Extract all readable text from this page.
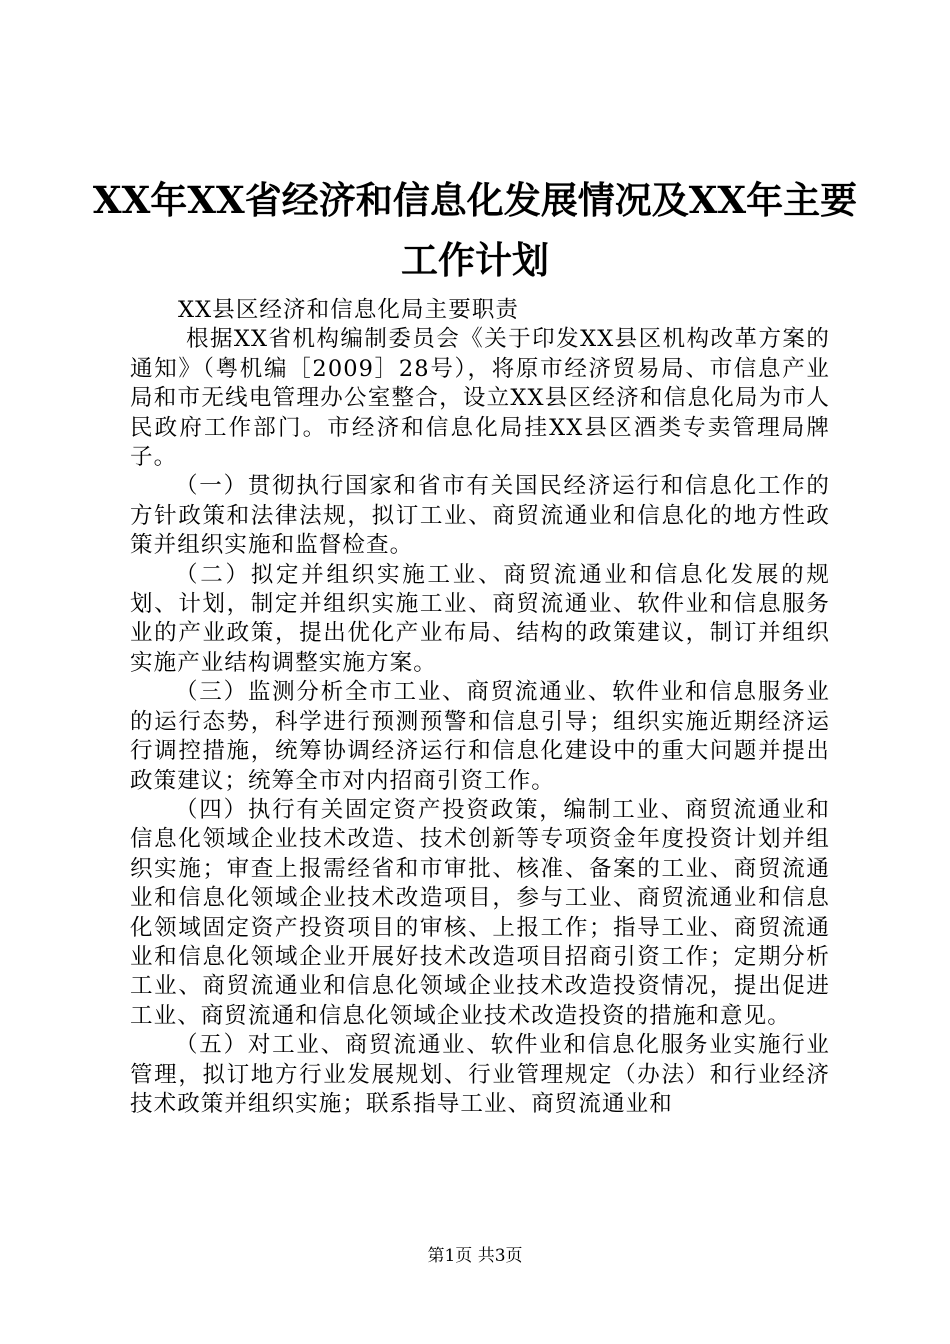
XX年XX省经济和信息化发展情况及XX年主要工作计划

XX县区经济和信息化局主要职责

根据XX省机构编制委员会《关于印发XX县区机构改革方案的通知》（粤机编［2009］28号），将原市经济贸易局、市信息产业局和市无线电管理办公室整合，设立XX县区经济和信息化局为市人民政府工作部门。市经济和信息化局挂XX县区酒类专卖管理局牌子。

（一）贯彻执行国家和省市有关国民经济运行和信息化工作的方针政策和法律法规，拟订工业、商贸流通业和信息化的地方性政策并组织实施和监督检查。

（二）拟定并组织实施工业、商贸流通业和信息化发展的规划、计划，制定并组织实施工业、商贸流通业、软件业和信息服务业的产业政策，提出优化产业布局、结构的政策建议，制订并组织实施产业结构调整实施方案。

（三）监测分析全市工业、商贸流通业、软件业和信息服务业的运行态势，科学进行预测预警和信息引导；组织实施近期经济运行调控措施，统筹协调经济运行和信息化建设中的重大问题并提出政策建议；统筹全市对内招商引资工作。

（四）执行有关固定资产投资政策，编制工业、商贸流通业和信息化领域企业技术改造、技术创新等专项资金年度投资计划并组织实施；审查上报需经省和市审批、核准、备案的工业、商贸流通业和信息化领域企业技术改造项目，参与工业、商贸流通业和信息化领域固定资产投资项目的审核、上报工作；指导工业、商贸流通业和信息化领域企业开展好技术改造项目招商引资工作；定期分析工业、商贸流通业和信息化领域企业技术改造投资情况，提出促进工业、商贸流通和信息化领域企业技术改造投资的措施和意见。

（五）对工业、商贸流通业、软件业和信息化服务业实施行业管理，拟订地方行业发展规划、行业管理规定（办法）和行业经济技术政策并组织实施；联系指导工业、商贸流通业和

第1页 共3页
